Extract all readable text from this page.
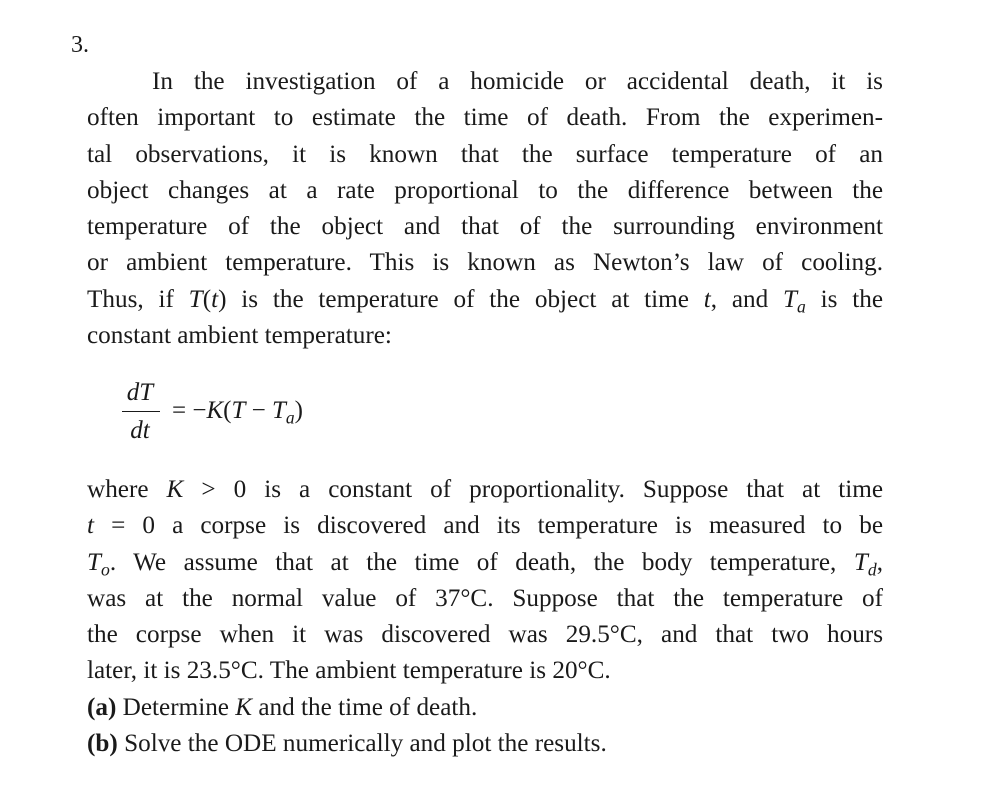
3.
In the investigation of a homicide or accidental death, it is
often important to estimate the time of death. From the experimen-
tal observations, it is known that the surface temperature of an
object changes at a rate proportional to the difference between the
temperature of the object and that of the surrounding environment
or ambient temperature. This is known as Newton’s law of cooling.
Thus, if T(t) is the temperature of the object at time t, and $T_a$ is the
constant ambient temperature:
dT
dt
= $-K(T - T_a)$
where K > 0 is a constant of proportionality. Suppose that at time
t = 0 a corpse is discovered and its temperature is measured to be
$T_o$. We assume that at the time of death, the body temperature, $T_d$,
was at the normal value of 37°C. Suppose that the temperature of
the corpse when it was discovered was 29.5°C, and that two hours
later, it is 23.5°C. The ambient temperature is 20°C.
(a) Determine K and the time of death.
(b) Solve the ODE numerically and plot the results.
